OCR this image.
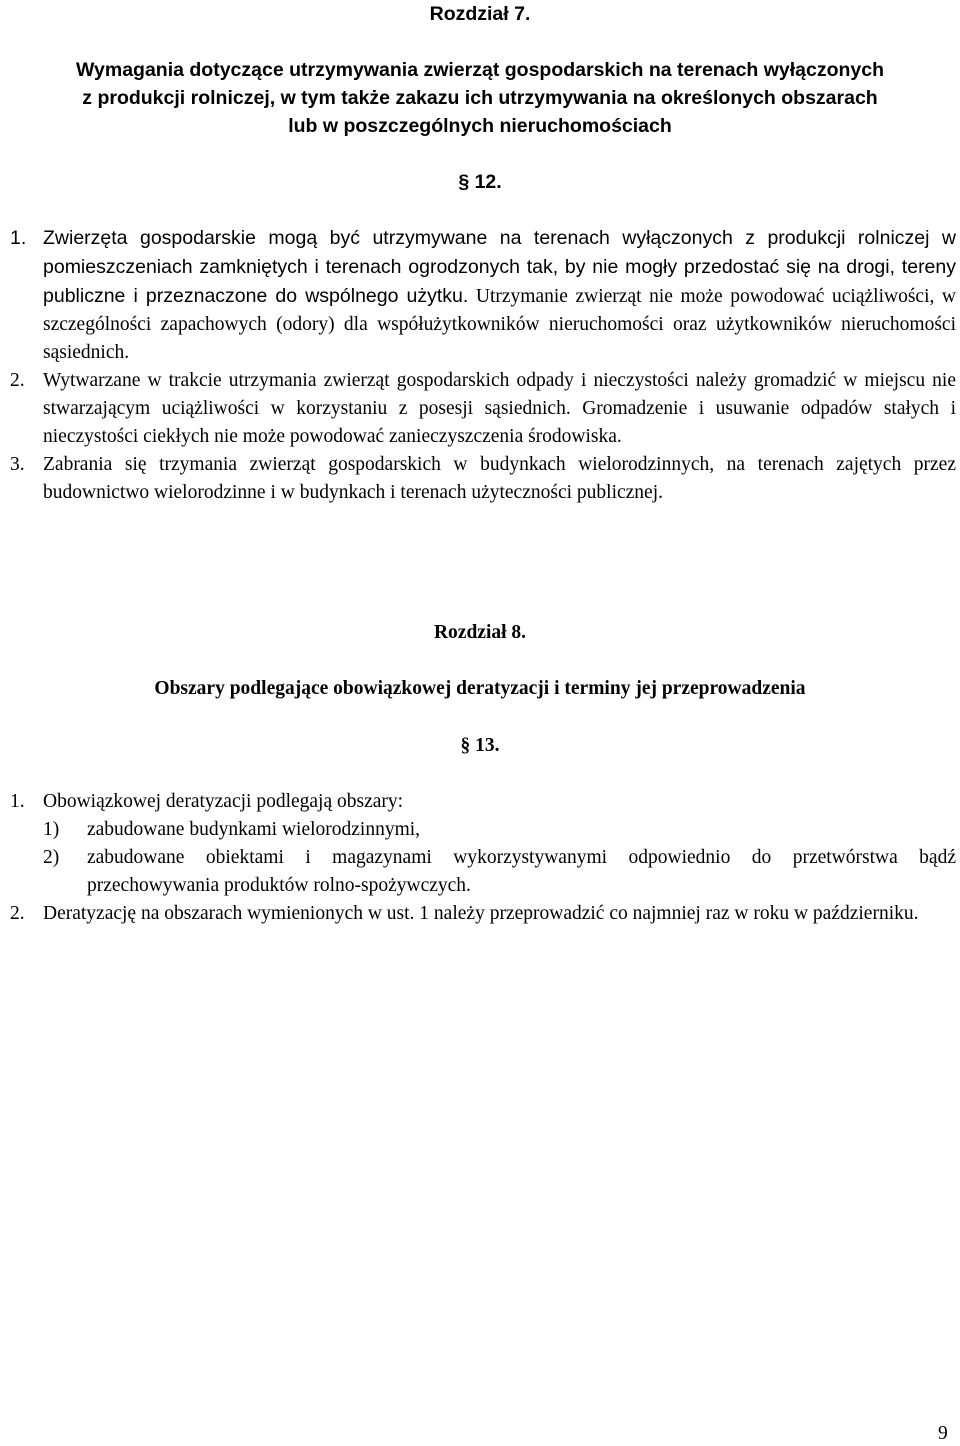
Rozdział 7.
Wymagania dotyczące utrzymywania zwierząt gospodarskich na terenach wyłączonych
z produkcji rolniczej, w tym także zakazu ich utrzymywania na określonych obszarach
lub w poszczególnych nieruchomościach
§ 12.
1. Zwierzęta gospodarskie mogą być utrzymywane na terenach wyłączonych z produkcji rolniczej w pomieszczeniach zamkniętych i terenach ogrodzonych tak, by nie mogły przedostać się na drogi, tereny publiczne i przeznaczone do wspólnego użytku. Utrzymanie zwierząt nie może powodować uciążliwości, w szczególności zapachowych (odory) dla współużytkowników nieruchomości oraz użytkowników nieruchomości sąsiednich.
2. Wytwarzane w trakcie utrzymania zwierząt gospodarskich odpady i nieczystości należy gromadzić w miejscu nie stwarzającym uciążliwości w korzystaniu z posesji sąsiednich. Gromadzenie i usuwanie odpadów stałych i nieczystości ciekłych nie może powodować zanieczyszczenia środowiska.
3. Zabrania się trzymania zwierząt gospodarskich w budynkach wielorodzinnych, na terenach zajętych przez budownictwo wielorodzinne i w budynkach i terenach użyteczności publicznej.
Rozdział 8.
Obszary podlegające obowiązkowej deratyzacji i terminy jej przeprowadzenia
§ 13.
1. Obowiązkowej deratyzacji podlegają obszary:
1)	zabudowane budynkami wielorodzinnymi,
2)	zabudowane obiektami i magazynami wykorzystywanymi odpowiednio do przetwórstwa bądź przechowywania produktów rolno-spożywczych.
2. Deratyzację na obszarach wymienionych w ust. 1 należy przeprowadzić co najmniej raz w roku w październiku.
9
